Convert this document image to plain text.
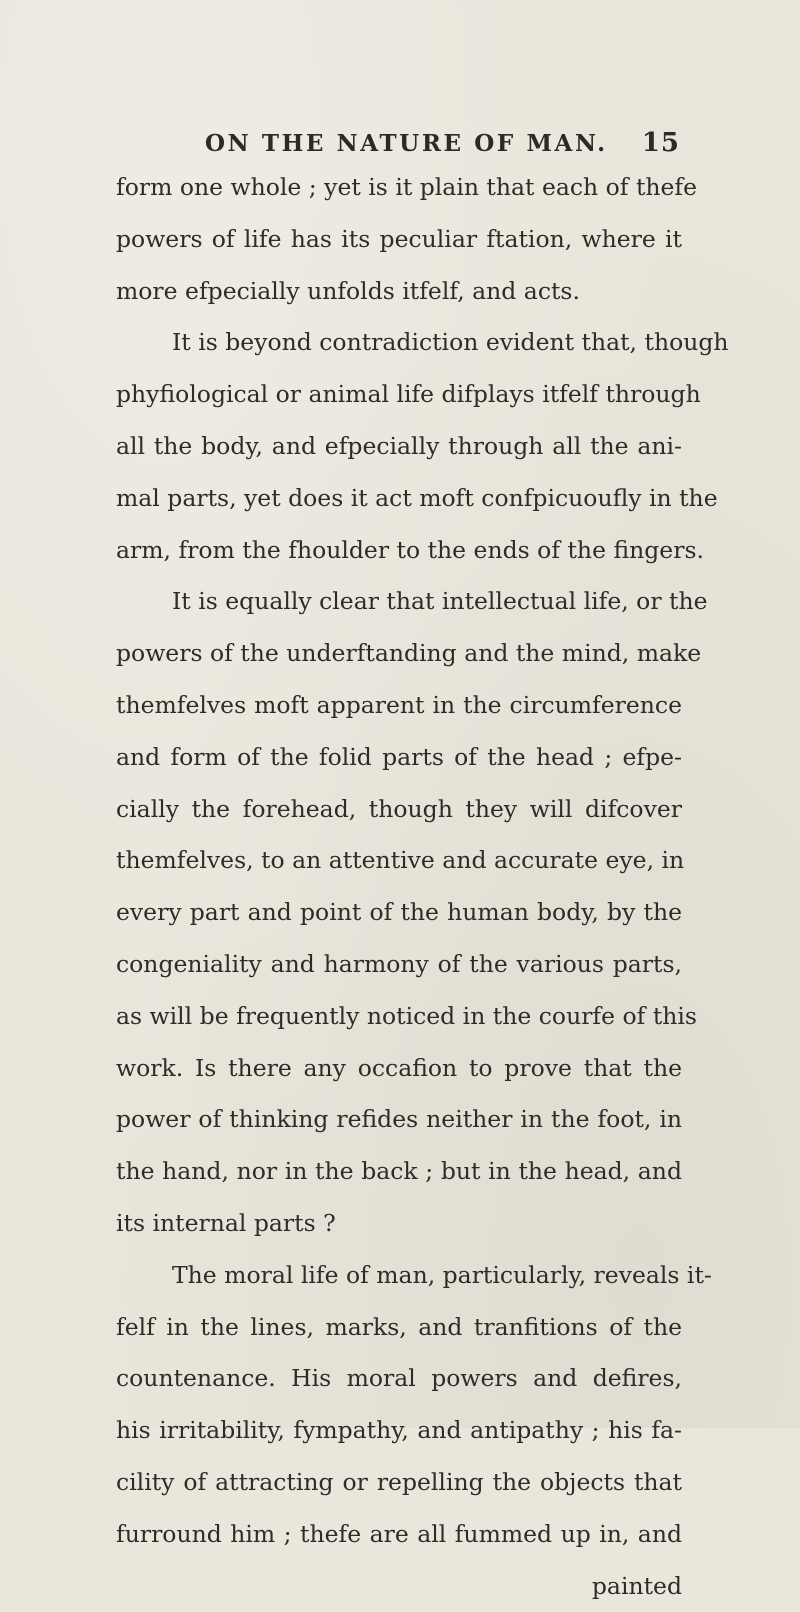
ON THE NATURE OF MAN. 15
form one whole ; yet is it plain that each of thefe
powers of life has its peculiar ftation, where it
more efpecially unfolds itfelf, and acts.
It is beyond contradiction evident that, though
phyfiological or animal life difplays itfelf through
all the body, and efpecially through all the ani-
mal parts, yet does it act moft confpicuoufly in the
arm, from the fhoulder to the ends of the fingers.
It is equally clear that intellectual life, or the
powers of the underftanding and the mind, make
themfelves moft apparent in the circumference
and form of the folid parts of the head ; efpe-
cially the forehead, though they will difcover
themfelves, to an attentive and accurate eye, in
every part and point of the human body, by the
congeniality and harmony of the various parts,
as will be frequently noticed in the courfe of this
work. Is there any occafion to prove that the
power of thinking refides neither in the foot, in
the hand, nor in the back ; but in the head, and
its internal parts ?
The moral life of man, particularly, reveals it-
felf in the lines, marks, and tranfitions of the
countenance. His moral powers and defires,
his irritability, fympathy, and antipathy ; his fa-
cility of attracting or repelling the objects that
furround him ; thefe are all fummed up in, and
painted
